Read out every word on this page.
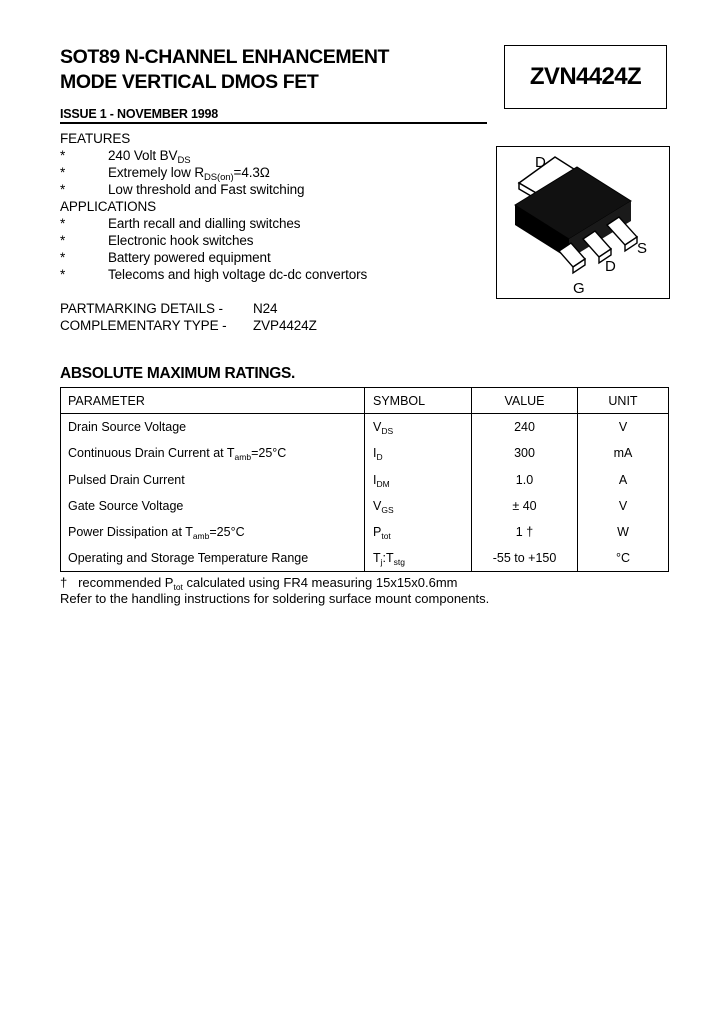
SOT89 N-CHANNEL ENHANCEMENT
MODE VERTICAL DMOS FET	ZVN4424Z
ISSUE 1 - NOVEMBER 1998
FEATURES
*	240 Volt $BV_{DS}$
*	Extremely low $R_{DS(on)}=4.3\Omega$
*	Low threshold and Fast switching
APPLICATIONS
*	Earth recall and dialling switches
*	Electronic hook switches
*	Battery powered equipment
*	Telecoms and high voltage dc-dc convertors
PARTMARKING DETAILS - N24
COMPLEMENTARY TYPE - ZVP4424Z
D
S
D
G
ABSOLUTE MAXIMUM RATINGS.
PARAMETER	SYMBOL	VALUE	UNIT
Drain Source Voltage	$V_{DS}$	240	V
Continuous Drain Current at $T_{amb}=25^\circ C$	$I_D$	300	mA
Pulsed Drain Current	$I_{DM}$	1.0	A
Gate Source Voltage	$V_{GS}$	± 40	V
Power Dissipation at $T_{amb}=25^\circ C$	$P_{tot}$	1 †	W
Operating and Storage Temperature Range	$T_j:T_{stg}$	-55 to +150	°C
† recommended $P_{tot}$ calculated using FR4 measuring 15x15x0.6mm
Refer to the handling instructions for soldering surface mount components.
